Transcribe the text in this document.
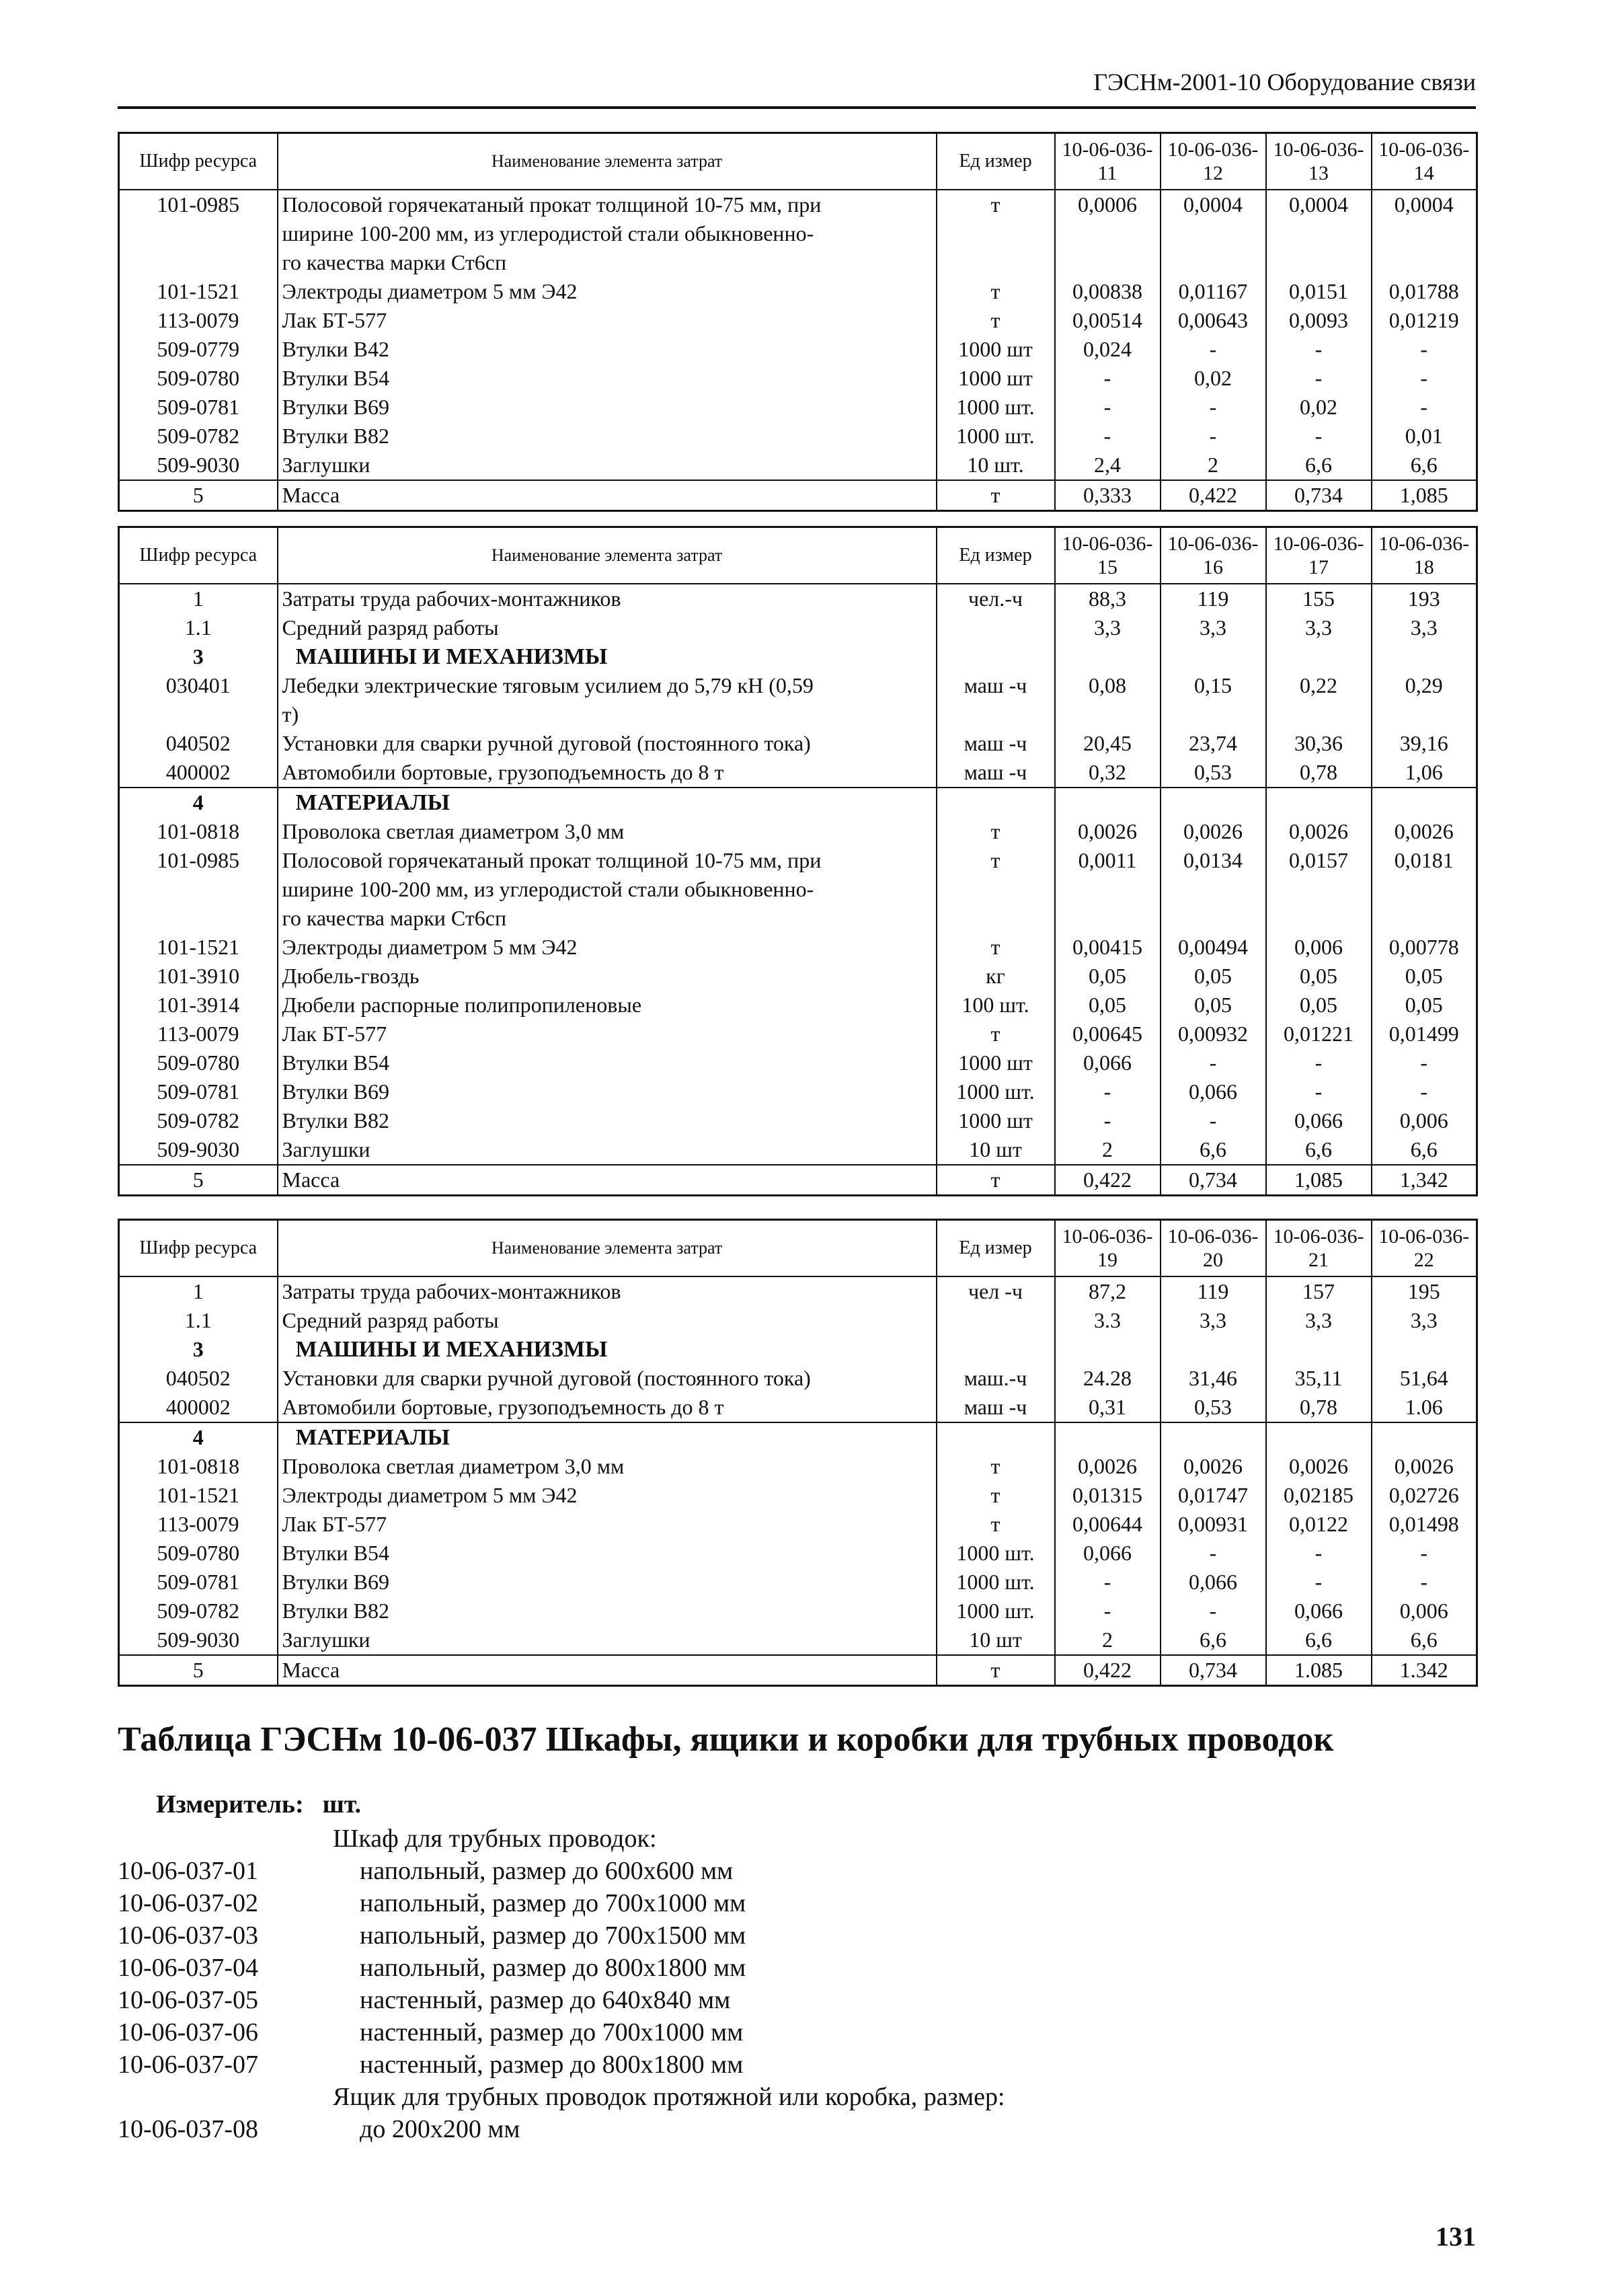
ГЭСНм-2001-10 Оборудование связи
Шифр ресурса	Наименование элемента затрат	Ед измер	10-06-036-11	10-06-036-12	10-06-036-13	10-06-036-14
101-0985	Полосовой горячекатаный прокат толщиной 10-75 мм, при
ширине 100-200 мм, из углеродистой стали обыкновенно-
го качества марки Ст6сп	т	0,0006	0,0004	0,0004	0,0004
101-1521	Электроды диаметром 5 мм Э42	т	0,00838	0,01167	0,0151	0,01788
113-0079	Лак БТ-577	т	0,00514	0,00643	0,0093	0,01219
509-0779	Втулки В42	1000 шт	0,024	-	-	-
509-0780	Втулки В54	1000 шт	-	0,02	-	-
509-0781	Втулки В69	1000 шт.	-	-	0,02	-
509-0782	Втулки В82	1000 шт.	-	-	-	0,01
509-9030	Заглушки	10 шт.	2,4	2	6,6	6,6
5	Масса	т	0,333	0,422	0,734	1,085
Шифр ресурса	Наименование элемента затрат	Ед измер	10-06-036-15	10-06-036-16	10-06-036-17	10-06-036-18
1	Затраты труда рабочих-монтажников	чел.-ч	88,3	119	155	193
1.1	Средний разряд работы		3,3	3,3	3,3	3,3
3	МАШИНЫ И МЕХАНИЗМЫ					

030401	Лебедки электрические тяговым усилием до 5,79 кН (0,59
т)	маш -ч	0,08	0,15	0,22	0,29
040502	Установки для сварки ручной дуговой (постоянного тока)	маш -ч	20,45	23,74	30,36	39,16
400002	Автомобили бортовые, грузоподъемность до 8 т	маш -ч	0,32	0,53	0,78	1,06
4	МАТЕРИАЛЫ					

101-0818	Проволока светлая диаметром 3,0 мм	т	0,0026	0,0026	0,0026	0,0026
101-0985	Полосовой горячекатаный прокат толщиной 10-75 мм, при
ширине 100-200 мм, из углеродистой стали обыкновенно-
го качества марки Ст6сп	т	0,0011	0,0134	0,0157	0,0181
101-1521	Электроды диаметром 5 мм Э42	т	0,00415	0,00494	0,006	0,00778
101-3910	Дюбель-гвоздь	кг	0,05	0,05	0,05	0,05
101-3914	Дюбели распорные полипропиленовые	100 шт.	0,05	0,05	0,05	0,05
113-0079	Лак БТ-577	т	0,00645	0,00932	0,01221	0,01499
509-0780	Втулки В54	1000 шт	0,066	-	-	-
509-0781	Втулки В69	1000 шт.	-	0,066	-	-
509-0782	Втулки В82	1000 шт	-	-	0,066	0,006
509-9030	Заглушки	10 шт	2	6,6	6,6	6,6
5	Масса	т	0,422	0,734	1,085	1,342
Шифр ресурса	Наименование элемента затрат	Ед измер	10-06-036-19	10-06-036-20	10-06-036-21	10-06-036-22
1	Затраты труда рабочих-монтажников	чел -ч	87,2	119	157	195
1.1	Средний разряд работы		3.3	3,3	3,3	3,3
3	МАШИНЫ И МЕХАНИЗМЫ					

040502	Установки для сварки ручной дуговой (постоянного тока)	маш.-ч	24.28	31,46	35,11	51,64
400002	Автомобили бортовые, грузоподъемность до 8 т	маш -ч	0,31	0,53	0,78	1.06
4	МАТЕРИАЛЫ					

101-0818	Проволока светлая диаметром 3,0 мм	т	0,0026	0,0026	0,0026	0,0026
101-1521	Электроды диаметром 5 мм Э42	т	0,01315	0,01747	0,02185	0,02726
113-0079	Лак БТ-577	т	0,00644	0,00931	0,0122	0,01498
509-0780	Втулки В54	1000 шт.	0,066	-	-	-
509-0781	Втулки В69	1000 шт.	-	0,066	-	-
509-0782	Втулки В82	1000 шт.	-	-	0,066	0,006
509-9030	Заглушки	10 шт	2	6,6	6,6	6,6
5	Масса	т	0,422	0,734	1.085	1.342
Таблица ГЭСНм 10-06-037 Шкафы, ящики и коробки для трубных проводок
Измеритель: шт.
Шкаф для трубных проводок:
10-06-037-01	напольный, размер до 600х600 мм
10-06-037-02	напольный, размер до 700х1000 мм
10-06-037-03	напольный, размер до 700х1500 мм
10-06-037-04	напольный, размер до 800х1800 мм
10-06-037-05	настенный, размер до 640х840 мм
10-06-037-06	настенный, размер до 700х1000 мм
10-06-037-07	настенный, размер до 800х1800 мм
Ящик для трубных проводок протяжной или коробка, размер:
10-06-037-08	до 200х200 мм
131
